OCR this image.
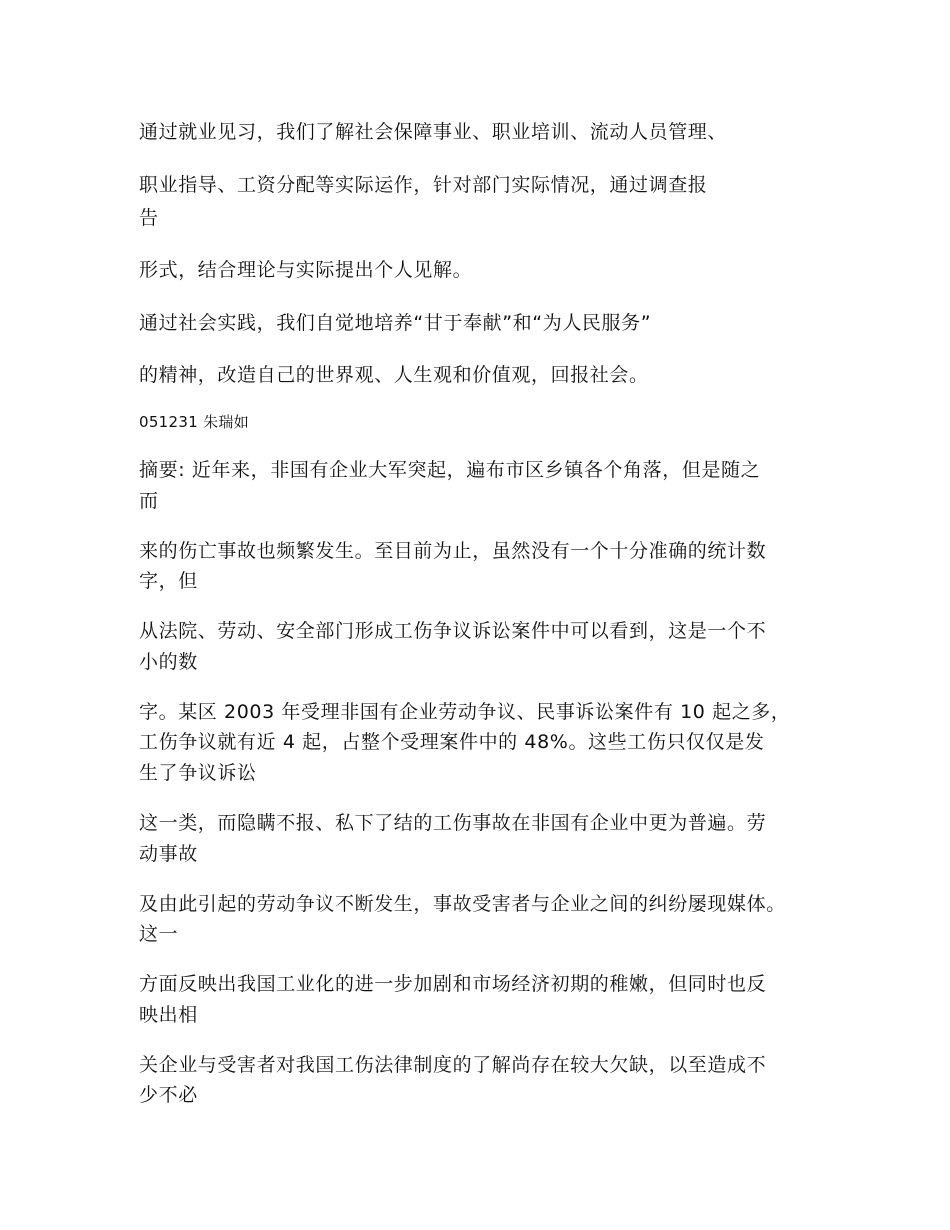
通过就业见习，我们了解社会保障事业、职业培训、流动人员管理、
职业指导、工资分配等实际运作，针对部门实际情况，通过调查报
告
形式，结合理论与实际提出个人见解。
通过社会实践，我们自觉地培养“甘于奉献”和“为人民服务”
的精神，改造自己的世界观、人生观和价值观，回报社会。
051231 朱瑞如
摘要: 近年来，非国有企业大军突起，遍布市区乡镇各个角落，但是随之
而
来的伤亡事故也频繁发生。至目前为止，虽然没有一个十分准确的统计数
字，但
从法院、劳动、安全部门形成工伤争议诉讼案件中可以看到，这是一个不
小的数
字。某区 2003 年受理非国有企业劳动争议、民事诉讼案件有 10 起之多，
工伤争议就有近 4 起，占整个受理案件中的 48%。这些工伤只仅仅是发
生了争议诉讼
这一类，而隐瞒不报、私下了结的工伤事故在非国有企业中更为普遍。劳
动事故
及由此引起的劳动争议不断发生，事故受害者与企业之间的纠纷屡现媒体。
这一
方面反映出我国工业化的进一步加剧和市场经济初期的稚嫩，但同时也反
映出相
关企业与受害者对我国工伤法律制度的了解尚存在较大欠缺，以至造成不
少不必
